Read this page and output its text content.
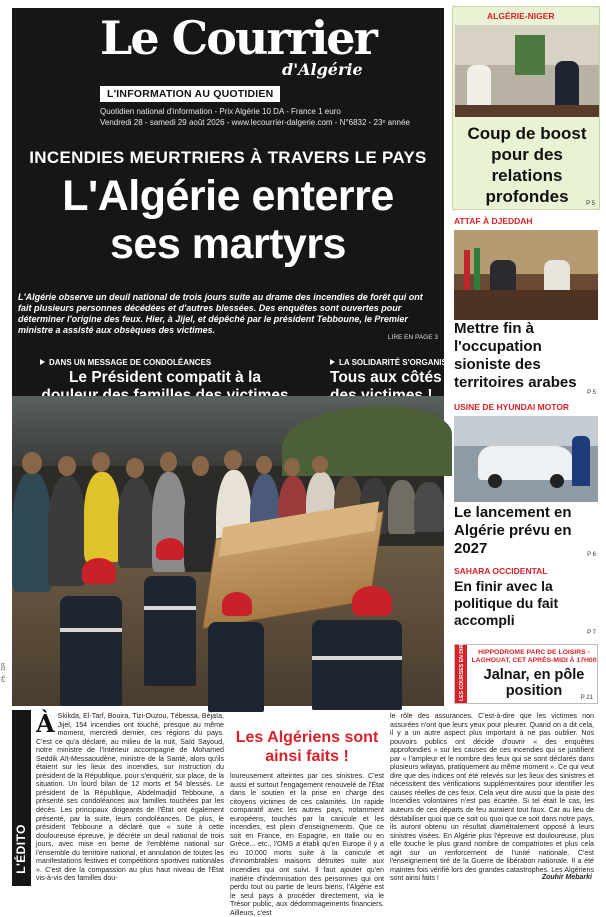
Le Courrier
d'Algérie
L'INFORMATION AU QUOTIDIEN
Quotidien national d'information - Prix Algérie 10 DA - France 1 euro
Vendredi 28 - samedi 29 août 2026 - www.lecourrier-dalgerie.com - N°6832 - 23ᵉ année
INCENDIES MEURTRIERS À TRAVERS LE PAYS
L'Algérie enterre
ses martyrs
L'Algérie observe un deuil national de trois jours suite au drame des incendies de forêt qui ont fait plusieurs personnes décédées et d'autres blessées. Des enquêtes sont ouvertes pour déterminer l'origine des feux. Hier, à Jijel, et dépêché par le président Tebboune, le Premier ministre a assisté aux obsèques des victimes.
LIRE EN PAGE 3
DANS UN MESSAGE DE CONDOLÉANCES
Le Président compatit à la
LA SOLIDARITÉ S'ORGANISE
Tous aux côtés
Ph : DR
ALGÉRIE-NIGER
Coup de boost pour des relations profondes	P 5
ATTAF À DJEDDAH
Mettre fin à l'occupation sioniste des territoires arabes
P 5
USINE DE HYUNDAI MOTOR
Le lancement en Algérie prévu en 2027	P 6
SAHARA OCCIDENTAL
En finir avec la politique du fait accompli
P 7
LES COURSES EN DIRECT	HIPPODROME PARC DE LOISIRS - LAGHOUAT, CET APRÈS-MIDI À 17H00
Jalnar, en pôle position	P 21
L'ÉDITO
À Skikda, El-Tarf, Bouira, Tizi-Ouzou, Tébessa, Béjaïa, Jijel, 154 incendies ont touché, presque au même moment, mercredi dernier, ces régions du pays. C'est ce qu'a déclaré, au milieu de la nuit, Saïd Sayoud, notre ministre de l'Intérieur accompagné de Mohamed Seddik Aït-Messaoudène, ministre de la Santé, alors qu'ils étaient sur les lieux des incendies, sur instruction du président de la République, pour s'enquérir, sur place, de la situation. Un lourd bilan de 12 morts et 54 blessés. Le président de la République, Abdelmadjid Tebboune, a présenté ses condoléances aux familles touchées par les décès. Les principaux dirigeants de l'État ont également présenté, par la suite, leurs condoléances. De plus, le président Tebboune a déclaré que « suite à cette douloureuse épreuve, je décrète un deuil national de trois jours, avec mise en berne de l'emblème national sur l'ensemble du territoire national, et annulation de toutes les manifestations festives et compétitions sportives nationales ». C'est dire la compassion au plus haut niveau de l'État vis-à-vis des familles dou-
Les Algériens sont ainsi faits !
loureusement atteintes par ces sinistres. C'est aussi et surtout l'engagement renouvelé de l'État dans le soutien et la prise en charge des citoyens victimes de ces calamités. Un rapide comparatif avec les autres pays, notamment européens, touchés par la canicule et les incendies, est plein d'enseignements. Que ce soit en France, en Espagne, en Italie ou en Grèce... etc., l'OMS a établi qu'en Europe il y a eu 10.000 morts suite à la canicule et d'innombrables maisons détruites suite aux incendies qui ont suivi. Il faut ajouter qu'en matière d'indemnisation des personnes qui ont perdu tout ou partie de leurs biens, l'Algérie est le seul pays à procéder directement, via le Trésor public, aux dédommagements financiers. Ailleurs, c'est
le rôle des assurances. C'est-à-dire que les victimes non assurées n'ont que leurs yeux pour pleurer. Quand on a dit cela, il y a un autre aspect plus important à ne pas oublier. Nos pouvoirs publics ont décidé d'ouvrir « des enquêtes approfondies » sur les causes de ces incendies qui se justifient par « l'ampleur et le nombre des feux qui se sont déclarés dans plusieurs wilayas, pratiquement au même moment ». Ce qui veut dire que des indices ont été relevés sur les lieux des sinistres et nécessitent des vérifications supplémentaires pour identifier les causes réelles de ces feux. Cela veut dire aussi que la piste des incendies volontaires n'est pas écartée. Si tel était le cas, les auteurs de ces départs de feu auraient tout faux. Car au lieu de déstabiliser quoi que ce soit ou quoi que ce soit dans notre pays, ils auront obtenu un résultat diamétralement opposé à leurs sinistres visées. En Algérie plus l'épreuve est douloureuse, plus elle touche le plus grand nombre de compatriotes et plus cela agit sur un renforcement de l'unité nationale. C'est l'enseignement tiré de la Guerre de libération nationale. Il a été maintes fois vérifié lors des grandes catastrophes. Les Algériens sont ainsi faits !	Zouhir Mebarki
